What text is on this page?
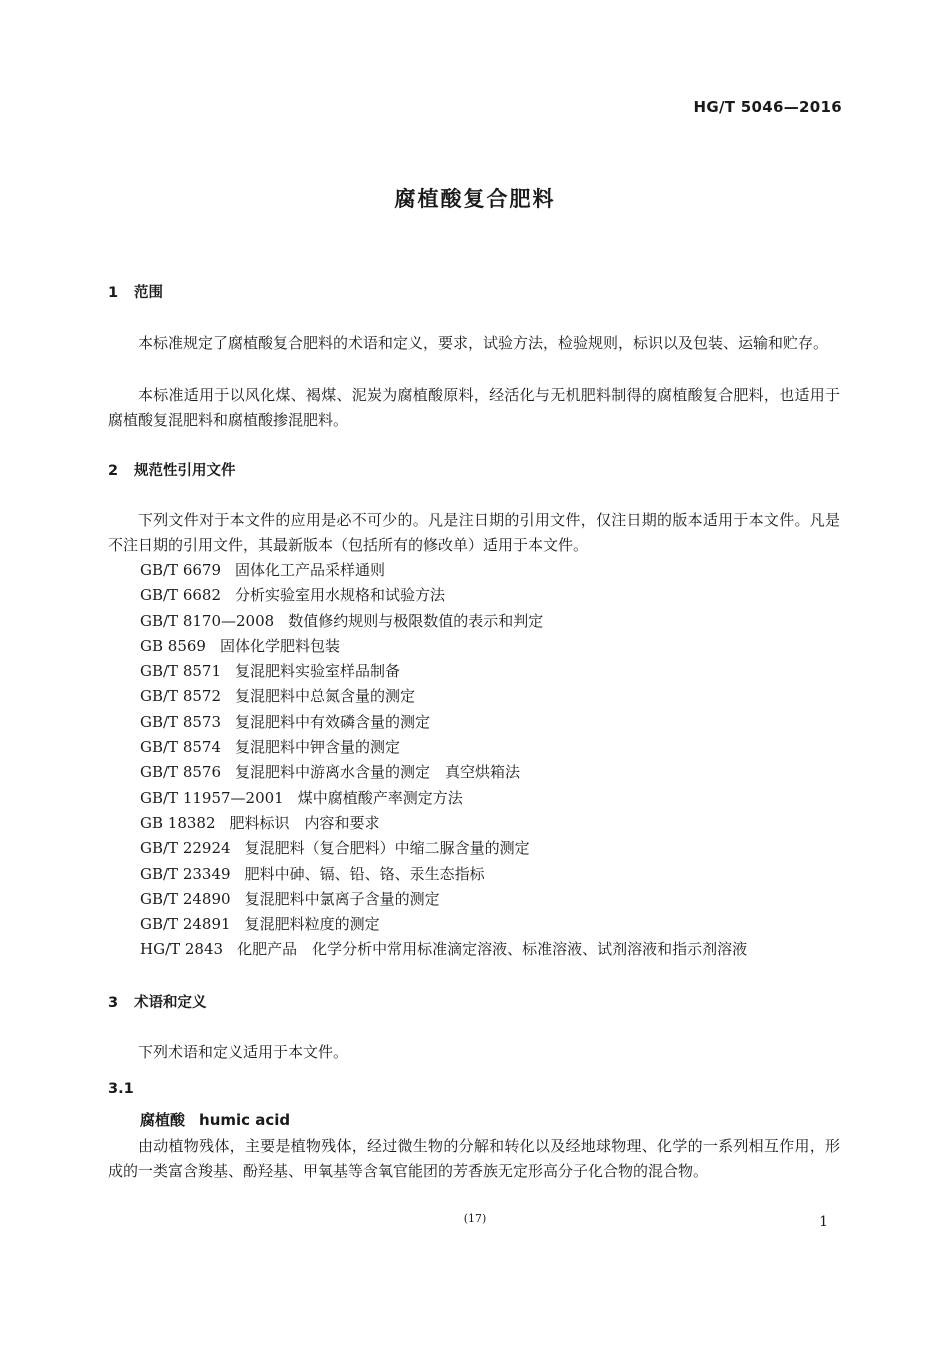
HG/T 5046—2016
腐植酸复合肥料
1 范围

本标准规定了腐植酸复合肥料的术语和定义，要求，试验方法，检验规则，标识以及包装、运输和贮存。

本标准适用于以风化煤、褐煤、泥炭为腐植酸原料，经活化与无机肥料制得的腐植酸复合肥料，也适用于腐植酸复混肥料和腐植酸掺混肥料。

2 规范性引用文件

下列文件对于本文件的应用是必不可少的。凡是注日期的引用文件，仅注日期的版本适用于本文件。凡是不注日期的引用文件，其最新版本（包括所有的修改单）适用于本文件。

GB/T 6679 固体化工产品采样通则
GB/T 6682 分析实验室用水规格和试验方法
GB/T 8170—2008 数值修约规则与极限数值的表示和判定
GB 8569 固体化学肥料包装
GB/T 8571 复混肥料实验室样品制备
GB/T 8572 复混肥料中总氮含量的测定
GB/T 8573 复混肥料中有效磷含量的测定
GB/T 8574 复混肥料中钾含量的测定
GB/T 8576 复混肥料中游离水含量的测定　真空烘箱法
GB/T 11957—2001 煤中腐植酸产率测定方法
GB 18382 肥料标识　内容和要求
GB/T 22924 复混肥料（复合肥料）中缩二脲含量的测定
GB/T 23349 肥料中砷、镉、铅、铬、汞生态指标
GB/T 24890 复混肥料中氯离子含量的测定
GB/T 24891 复混肥料粒度的测定
HG/T 2843 化肥产品　化学分析中常用标准滴定溶液、标准溶液、试剂溶液和指示剂溶液
3 术语和定义

下列术语和定义适用于本文件。

3.1
腐植酸 humic acid

由动植物残体，主要是植物残体，经过微生物的分解和转化以及经地球物理、化学的一系列相互作用，形成的一类富含羧基、酚羟基、甲氧基等含氧官能团的芳香族无定形高分子化合物的混合物。

(17)	1
